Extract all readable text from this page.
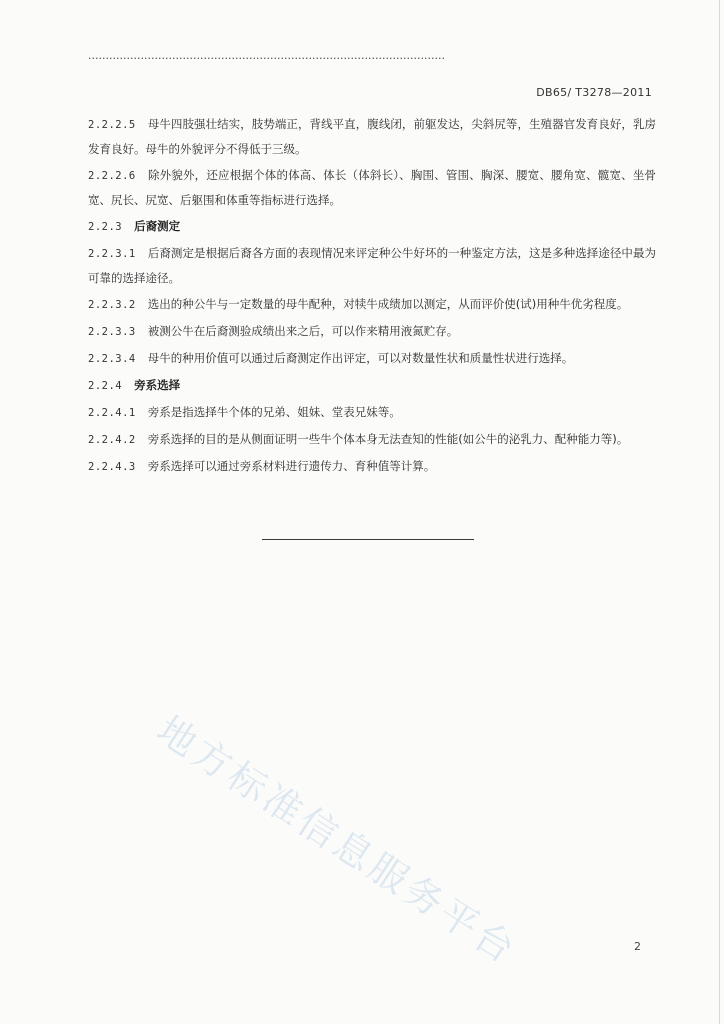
…………………………………………………………………………………………
DB65/ T3278—2011

2.2.2.5 母牛四肢强壮结实，肢势端正，背线平直，腹线闭，前躯发达，尖斜尻等，生殖器官发育良好，乳房发育良好。母牛的外貌评分不得低于三级。

2.2.2.6 除外貌外，还应根据个体的体高、体长（体斜长）、胸围、管围、胸深、腰宽、腰角宽、髋宽、坐骨宽、尻长、尻宽、后躯围和体重等指标进行选择。

2.2.3 后裔测定

2.2.3.1 后裔测定是根据后裔各方面的表现情况来评定种公牛好坏的一种鉴定方法，这是多种选择途径中最为可靠的选择途径。

2.2.3.2 选出的种公牛与一定数量的母牛配种，对犊牛成绩加以测定，从而评价使(试)用种牛优劣程度。

2.2.3.3 被测公牛在后裔测验成绩出来之后，可以作来精用液氮贮存。

2.2.3.4 母牛的种用价值可以通过后裔测定作出评定，可以对数量性状和质量性状进行选择。

2.2.4 旁系选择

2.2.4.1 旁系是指选择牛个体的兄弟、姐妹、堂表兄妹等。

2.2.4.2 旁系选择的目的是从侧面证明一些牛个体本身无法查知的性能(如公牛的泌乳力、配种能力等)。

2.2.4.3 旁系选择可以通过旁系材料进行遗传力、育种值等计算。

地方标准信息服务平台	2
